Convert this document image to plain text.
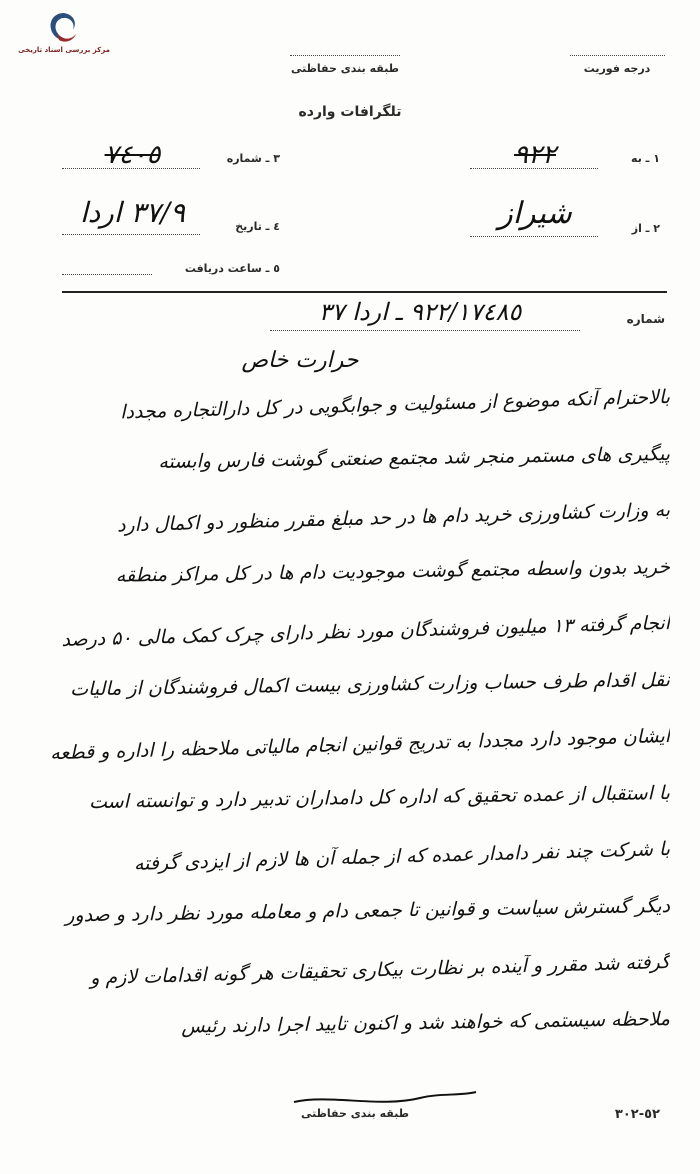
مرکز بررسی اسناد تاریخی
درجه فوریت
طبقه بندی حفاظتی
تلگرافات وارده
١ ـ به
٩٢٢
٢ ـ از
شیراز
٣ ـ شماره
٧٤٠٥
٤ ـ تاریخ
٣٧/٩ اردا
٥ ـ ساعت دریافت
شماره
٩٢٢/١٧٤٨٥ ـ اردا ٣٧
حرارت خاص
بالاحترام آنکه موضوع از مسئولیت و جوابگویی در کل دارالتجاره مجددا
پیگیری های مستمر منجر شد مجتمع صنعتی گوشت فارس وابسته
به وزارت کشاورزی خرید دام ها در حد مبلغ مقرر منظور دو اکمال دارد
خرید بدون واسطه مجتمع گوشت موجودیت دام ها در کل مراکز منطقه
انجام گرفته ۱۳ میلیون فروشندگان مورد نظر دارای چرک کمک مالی ۵۰ درصد
نقل اقدام طرف حساب وزارت کشاورزی بیست اکمال فروشندگان از مالیات
ایشان موجود دارد مجددا به تدریج قوانین انجام مالیاتی ملاحظه را اداره و قطعه
با استقبال از عمده تحقیق که اداره کل دامداران تدبیر دارد و توانسته است
با شرکت چند نفر دامدار عمده که از جمله آن ها لازم از ایزدی گرفته
دیگر گسترش سیاست و قوانین تا جمعی دام و معامله مورد نظر دارد و صدور
گرفته شد مقرر و آینده بر نظارت بیکاری تحقیقات هر گونه اقدامات لازم و
ملاحظه سیستمی که خواهند شد و اکنون تایید اجرا دارند رئیس
طبقه بندی حفاظتی	٥٢-٣٠٢
